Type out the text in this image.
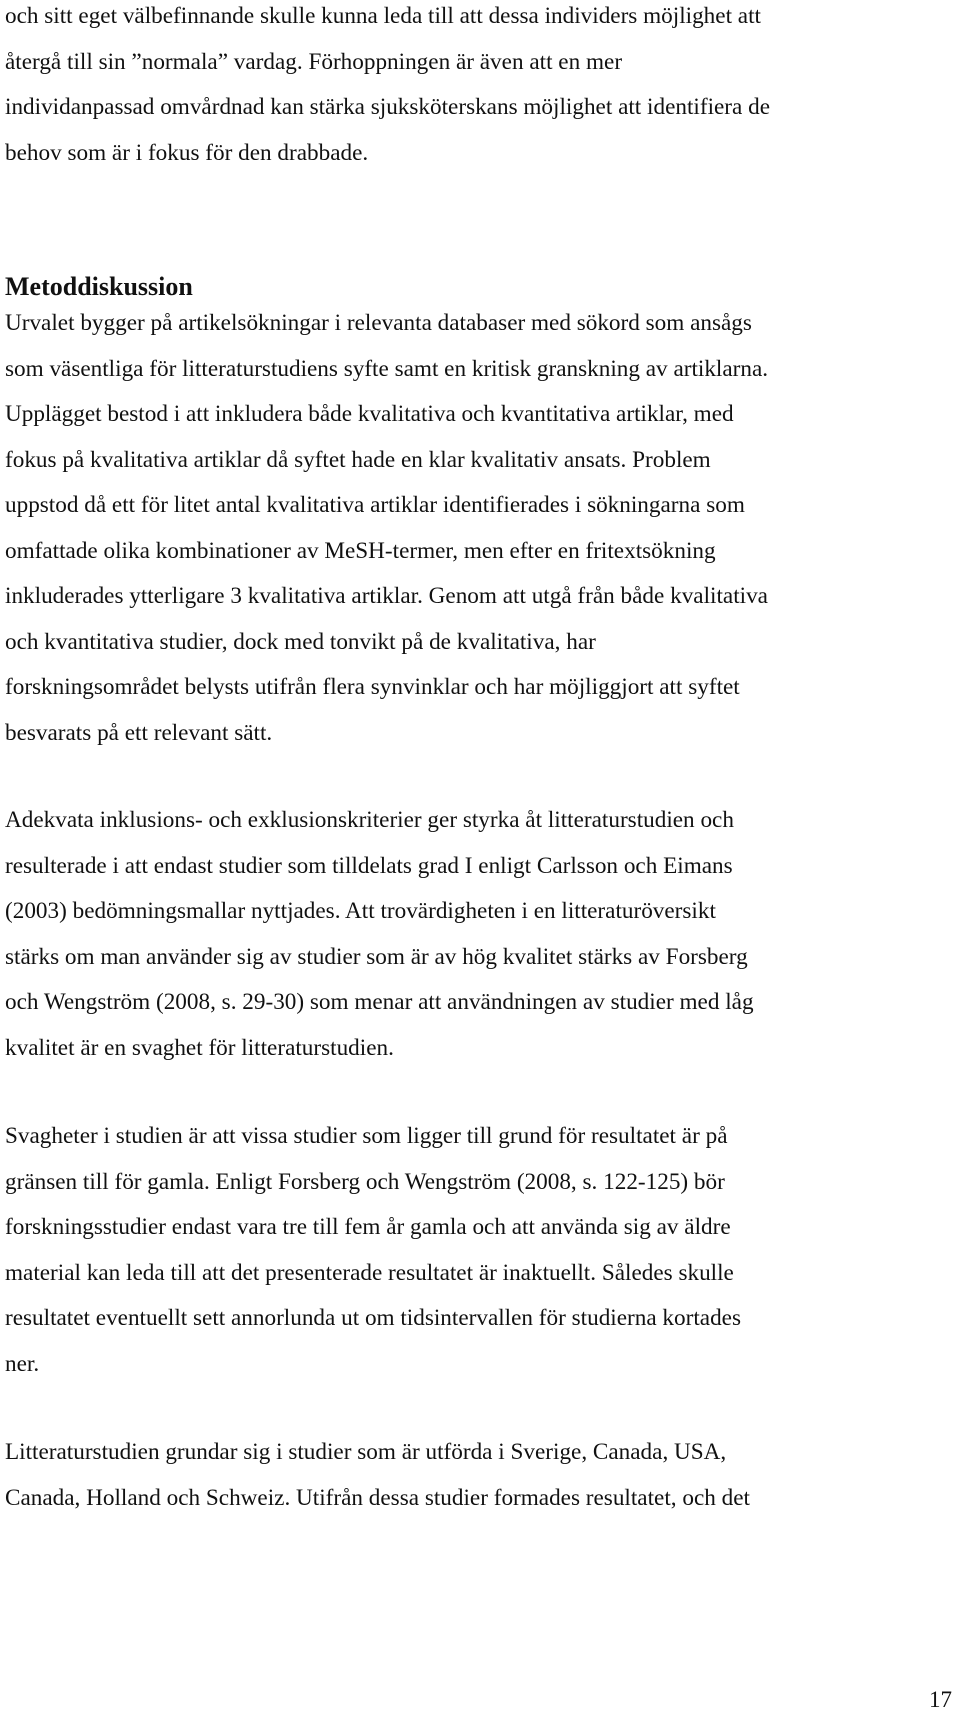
och sitt eget välbefinnande skulle kunna leda till att dessa individers möjlighet att
återgå till sin ”normala” vardag. Förhoppningen är även att en mer
individanpassad omvårdnad kan stärka sjuksköterskans möjlighet att identifiera de
behov som är i fokus för den drabbade.
Metoddiskussion
Urvalet bygger på artikelsökningar i relevanta databaser med sökord som ansågs
som väsentliga för litteraturstudiens syfte samt en kritisk granskning av artiklarna.
Upplägget bestod i att inkludera både kvalitativa och kvantitativa artiklar, med
fokus på kvalitativa artiklar då syftet hade en klar kvalitativ ansats. Problem
uppstod då ett för litet antal kvalitativa artiklar identifierades i sökningarna som
omfattade olika kombinationer av MeSH-termer, men efter en fritextsökning
inkluderades ytterligare 3 kvalitativa artiklar. Genom att utgå från både kvalitativa
och kvantitativa studier, dock med tonvikt på de kvalitativa, har
forskningsområdet belysts utifrån flera synvinklar och har möjliggjort att syftet
besvarats på ett relevant sätt.
Adekvata inklusions- och exklusionskriterier ger styrka åt litteraturstudien och
resulterade i att endast studier som tilldelats grad I enligt Carlsson och Eimans
(2003) bedömningsmallar nyttjades. Att trovärdigheten i en litteraturöversikt
stärks om man använder sig av studier som är av hög kvalitet stärks av Forsberg
och Wengström (2008, s. 29-30) som menar att användningen av studier med låg
kvalitet är en svaghet för litteraturstudien.
Svagheter i studien är att vissa studier som ligger till grund för resultatet är på
gränsen till för gamla. Enligt Forsberg och Wengström (2008, s. 122-125) bör
forskningsstudier endast vara tre till fem år gamla och att använda sig av äldre
material kan leda till att det presenterade resultatet är inaktuellt. Således skulle
resultatet eventuellt sett annorlunda ut om tidsintervallen för studierna kortades
ner.
Litteraturstudien grundar sig i studier som är utförda i Sverige, Canada, USA,
Canada, Holland och Schweiz. Utifrån dessa studier formades resultatet, och det
17
